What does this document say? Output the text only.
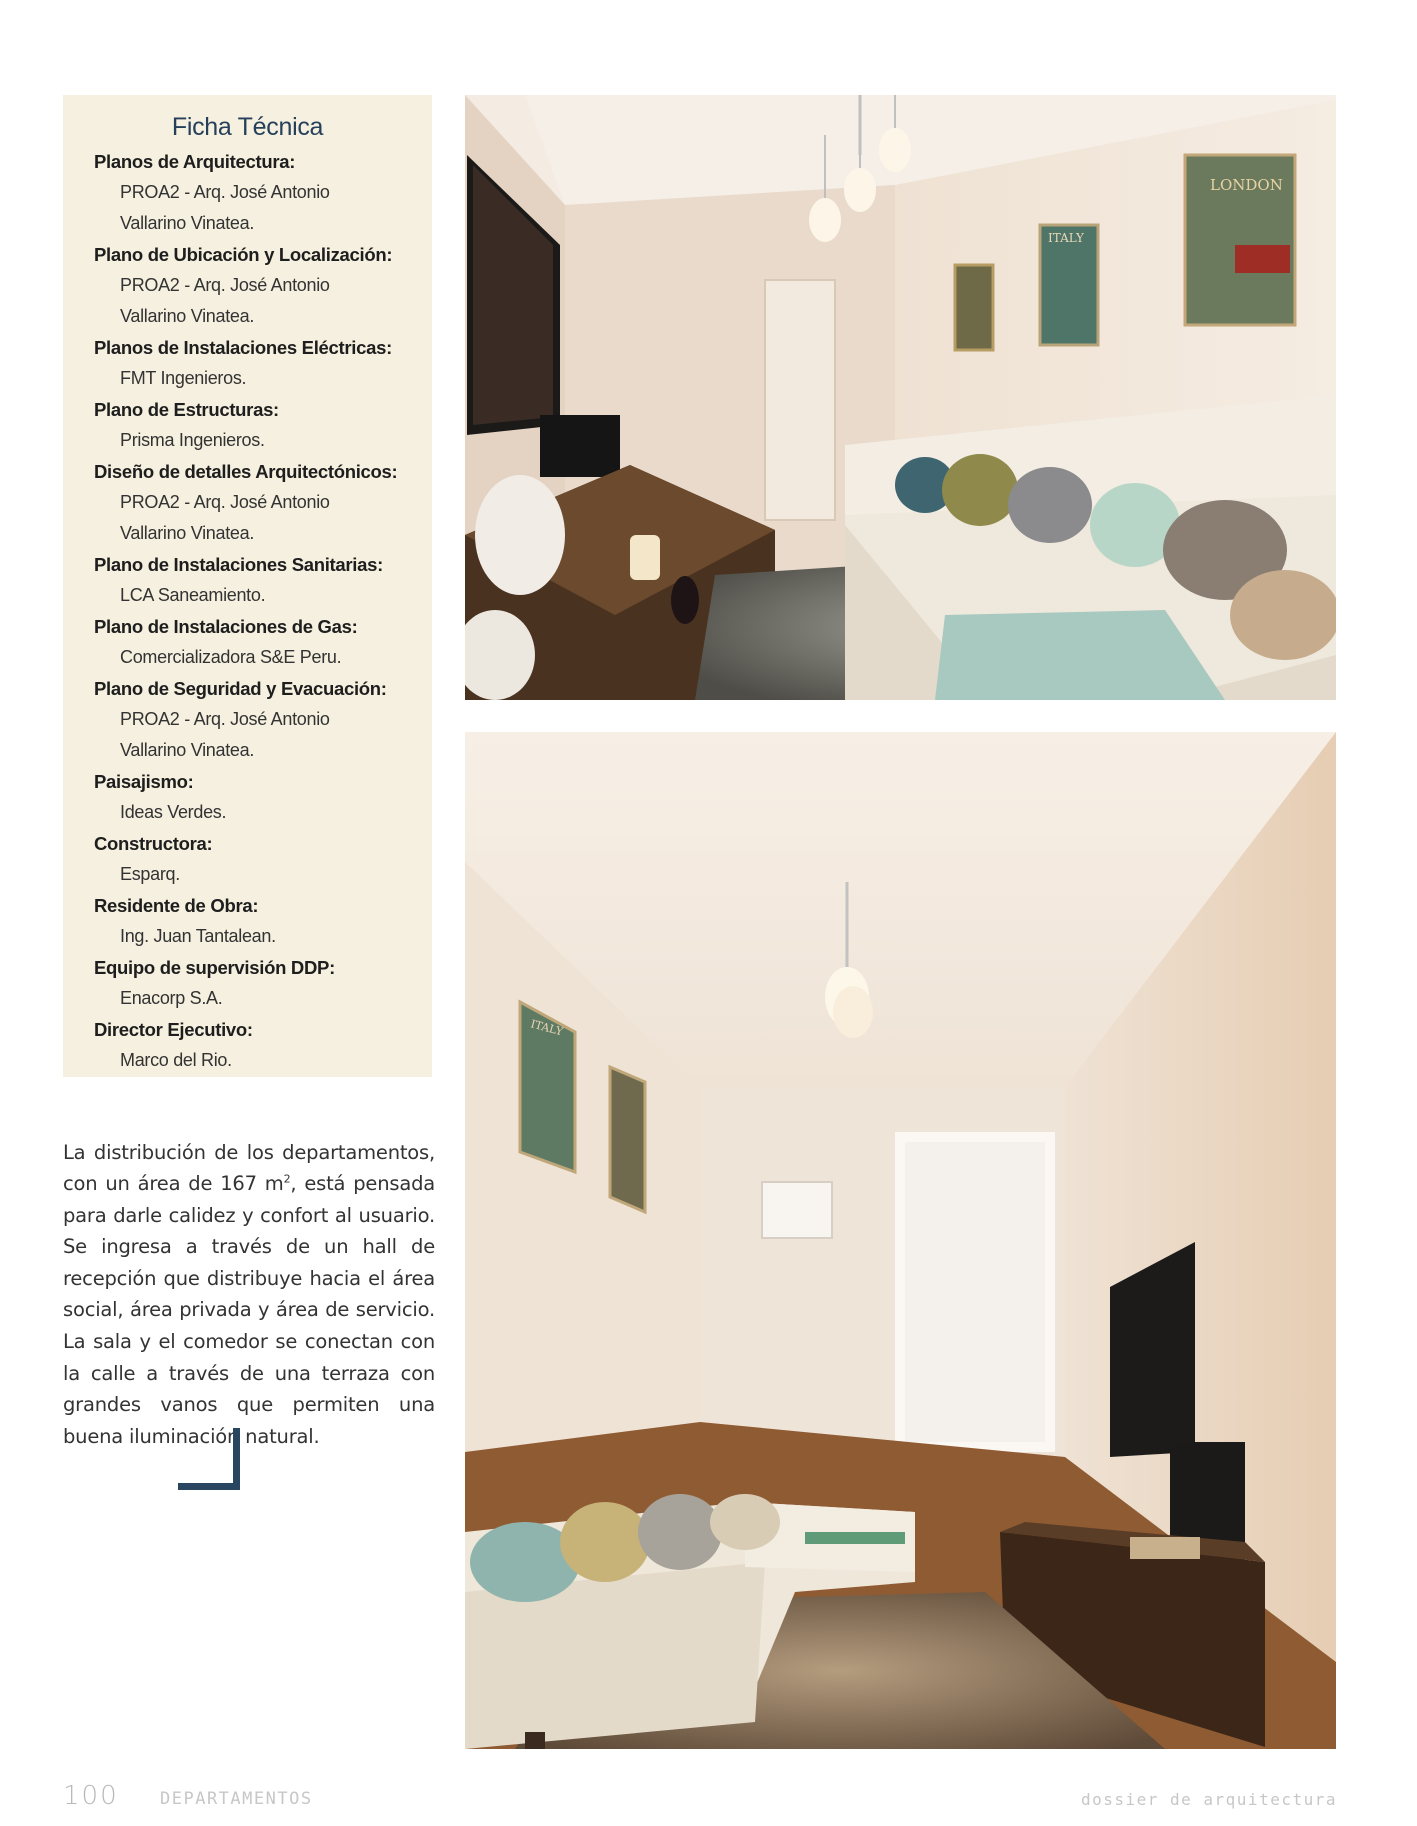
Ficha Técnica
Planos de Arquitectura:
PROA2 - Arq. José Antonio Vallarino Vinatea.
Plano de Ubicación y Localización:
PROA2 - Arq. José Antonio Vallarino Vinatea.
Planos de Instalaciones Eléctricas:
FMT Ingenieros.
Plano de Estructuras:
Prisma Ingenieros.
Diseño de detalles Arquitectónicos:
PROA2 - Arq. José Antonio Vallarino Vinatea.
Plano de Instalaciones Sanitarias:
LCA Saneamiento.
Plano de Instalaciones de Gas:
Comercializadora S&E Peru.
Plano de Seguridad y Evacuación:
PROA2 - Arq. José Antonio Vallarino Vinatea.
Paisajismo:
Ideas Verdes.
Constructora:
Esparq.
Residente de Obra:
Ing. Juan Tantalean.
Equipo de supervisión DDP:
Enacorp S.A.
Director Ejecutivo:
Marco del Rio.

La distribución de los departamentos, con un área de 167 $m^2$, está pensada para darle calidez y confort al usuario. Se ingresa a través de un hall de recepción que distribuye hacia el área social, área privada y área de servicio. La sala y el comedor se conectan con la calle a través de una terraza con grandes vanos que permiten una buena iluminación natural.

ITALY
LONDON
ITALY
100 DEPARTAMENTOS	dossier de arquitectura
